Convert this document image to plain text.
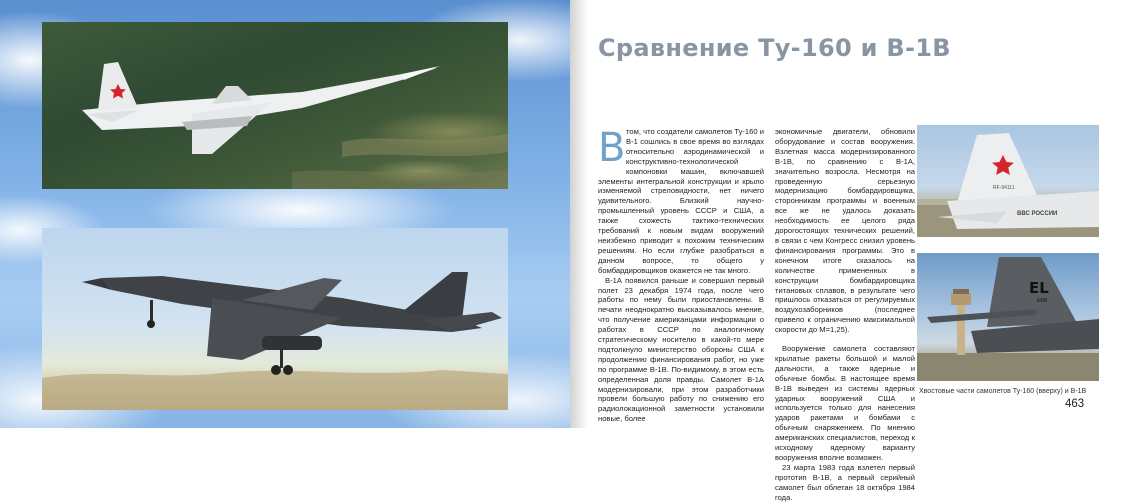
Сравнение Ту-160 и В-1В

Втом, что создатели самолетов Ту-160 и В-1 сошлись в свое время во взглядах относительно аэродинамической и конструктивно-технологической компоновки машин, включавшей элементы интегральной конструкции и крыло изменяемой стреловидности, нет ничего удивительного. Близкий научно-промышленный уровень СССР и США, а также схожесть тактико-технических требований к новым видам вооружений неизбежно приводит к похожим техническим решениям. Но если глубже разобраться в данном вопросе, то общего у бомбардировщиков окажется не так много.

В-1А появился раньше и совершил первый полет 23 декабря 1974 года, после чего работы по нему были приостановлены. В печати неоднократно высказывалось мнение, что получение американцами информации о работах в СССР по аналогичному стратегическому носителю в какой-то мере подтолкнуло министерство обороны США к продолжению финансирования работ, но уже по программе В-1В. По-видимому, в этом есть определенная доля правды. Самолет В-1А модернизировали, при этом разработчики провели большую работу по снижению его радиолокационной заметности установили новые, более

экономичные двигатели, обновили оборудование и состав вооружения. Взлетная масса модернизированного В-1В, по сравнению с В-1А, значительно возросла. Несмотря на проведенную серьезную модернизацию бомбардировщика, сторонникам программы и военным все же не удалось доказать необходимость ее целого ряда дорогостоящих технических решений, в связи с чем Конгресс снизил уровень финансирования программы. Это в конечном итоге сказалось на количестве примененных в конструкции бомбардировщика титановых сплавов, в результате чего пришлось отказаться от регулируемых воздухозаборников (последнее привело к ограничению максимальной скорости до М=1,25).

Вооружение самолета составляют крылатые ракеты большой и малой дальности, а также ядерные и обычные бомбы. В настоящее время В-1В выведен из системы ядерных ударных вооружений США и используется только для нанесения ударов ракетами и бомбами с обычным снаряжением. По мнению американских специалистов, переход к исходному ядерному варианту вооружения вполне возможен.

23 марта 1983 года взлетел первый прототип В-1В, а первый серийный самолет был облетан 18 октября 1984 года.

RF-94111
ВВС РОССИИ
EL
ERB
Хвостовые части самолетов Ту-160 (вверху) и В-1В
463
